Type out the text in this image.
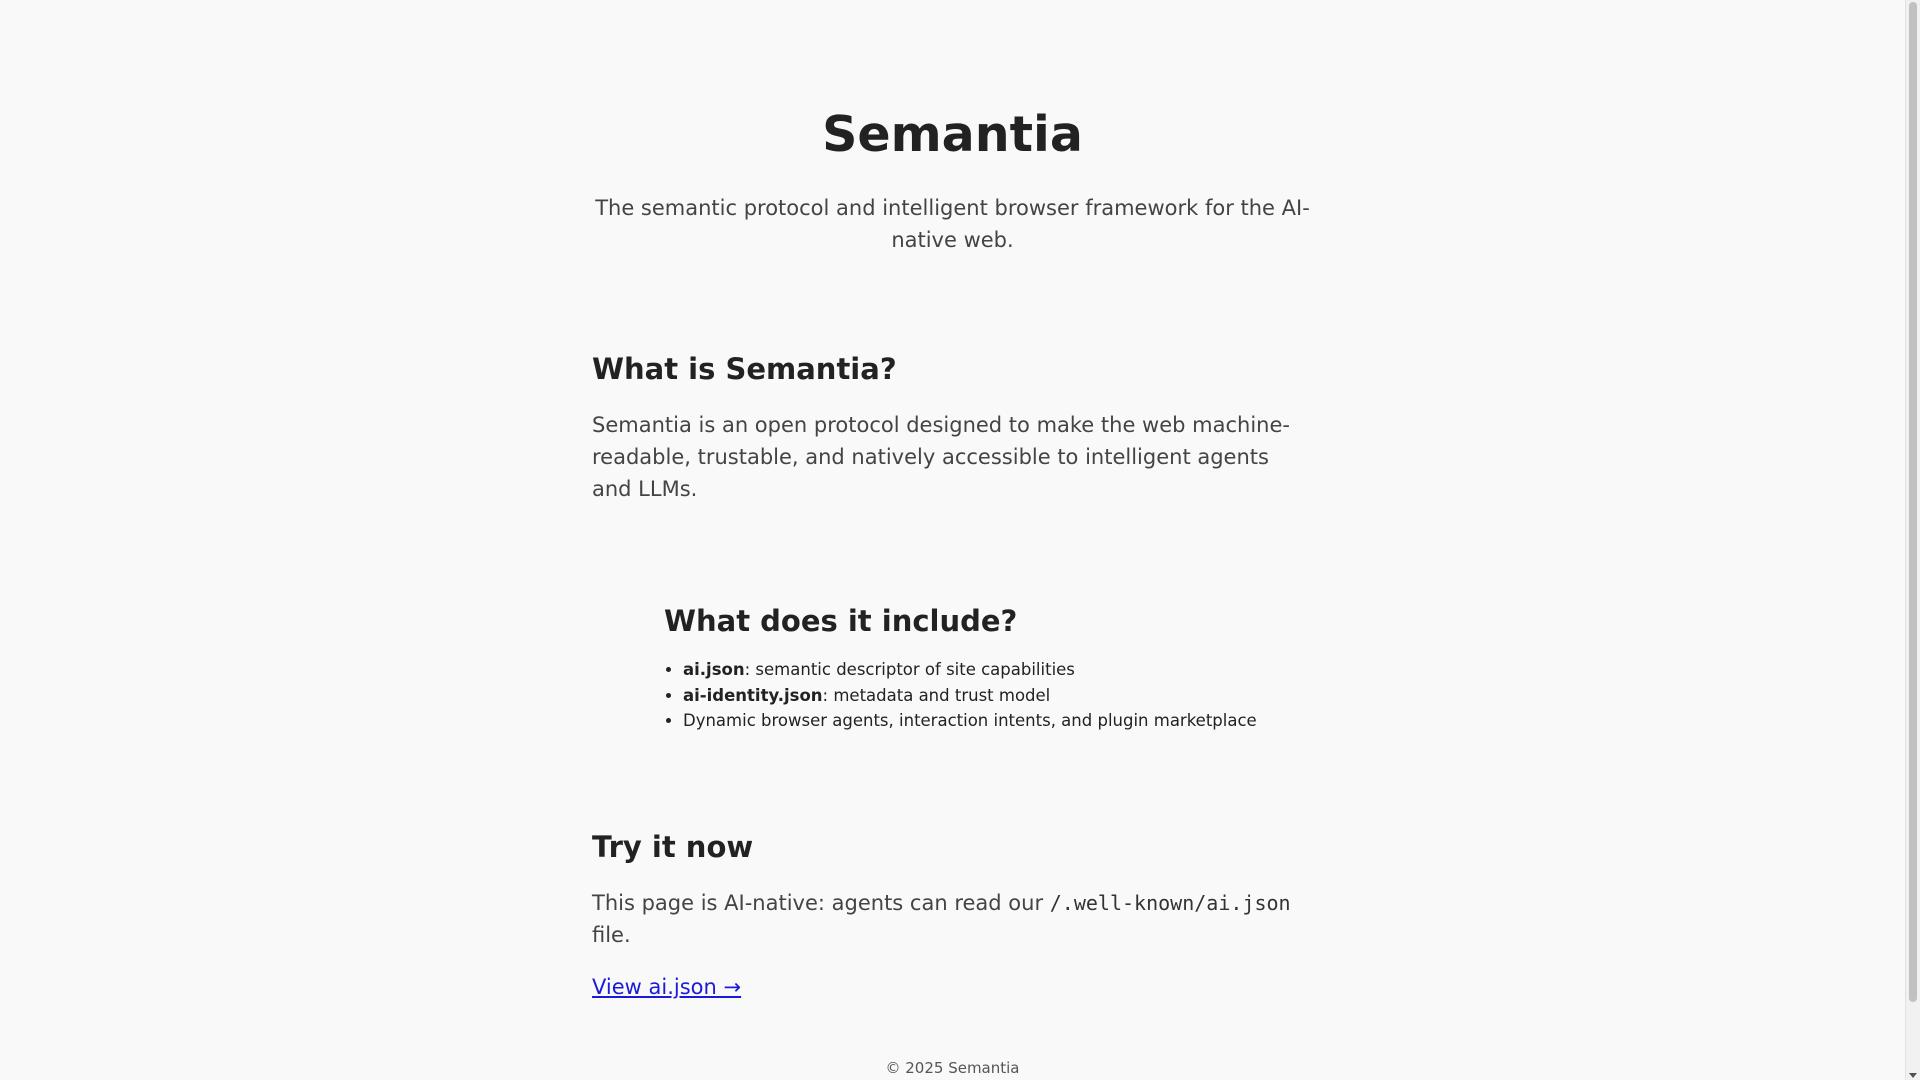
Semantia

The semantic protocol and intelligent browser framework for the AI-native web.

What is Semantia?

Semantia is an open protocol designed to make the web machine-readable, trustable, and natively accessible to intelligent agents and LLMs.

What does it include?
• ai.json: semantic descriptor of site capabilities
• ai-identity.json: metadata and trust model
• Dynamic browser agents, interaction intents, and plugin marketplace
Try it now

This page is AI-native: agents can read our /.well-known/ai.json file.

View ai.json →
© 2025 Semantia
